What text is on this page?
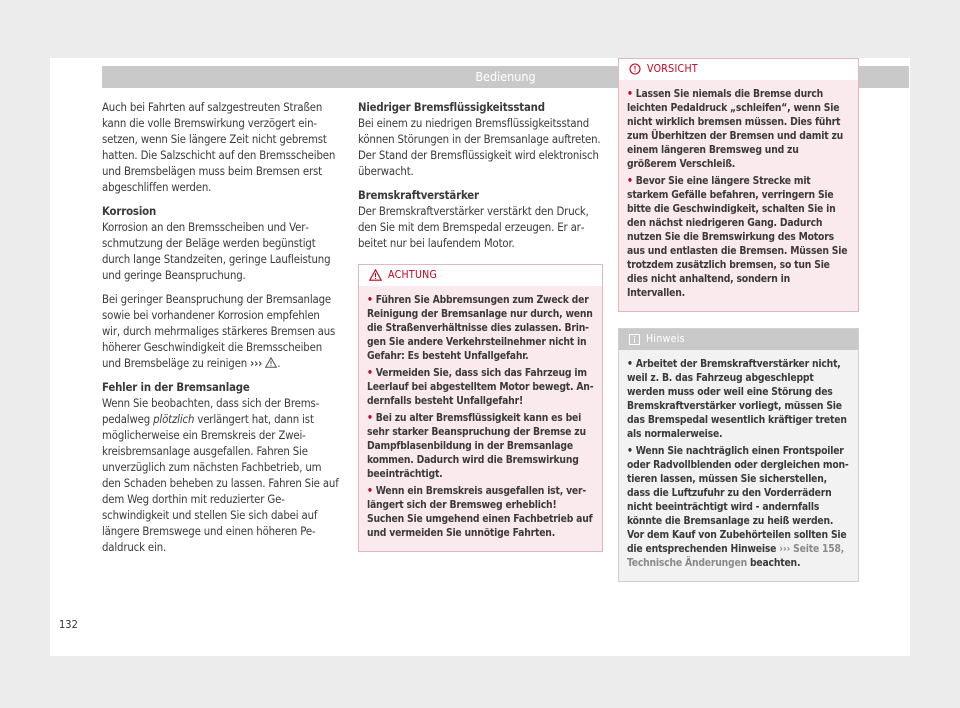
Bedienung

Auch bei Fahrten auf salzgestreuten Straßen kann die volle Bremswirkung verzögert einsetzen, wenn Sie längere Zeit nicht gebremst hatten. Die Salzschicht auf den Bremsscheiben und Bremsbelägen muss beim Bremsen erst abgeschliffen werden.

Korrosion

Korrosion an den Bremsscheiben und Verschmutzung der Beläge werden begünstigt durch lange Standzeiten, geringe Laufleistung und geringe Beanspruchung.

Bei geringer Beanspruchung der Bremsanlage sowie bei vorhandener Korrosion empfehlen wir, durch mehrmaliges stärkeres Bremsen aus höherer Geschwindigkeit die Bremsscheiben und Bremsbeläge zu reinigen ››› .

Fehler in der Bremsanlage

Wenn Sie beobachten, dass sich der Bremspedalweg plötzlich verlängert hat, dann ist möglicherweise ein Bremskreis der Zweikreisbremsanlage ausgefallen. Fahren Sie unverzüglich zum nächsten Fachbetrieb, um den Schaden beheben zu lassen. Fahren Sie auf dem Weg dorthin mit reduzierter Geschwindigkeit und stellen Sie sich dabei auf längere Bremswege und einen höheren Pedaldruck ein.

Niedriger Bremsflüssigkeitsstand

Bei einem zu niedrigen Bremsflüssigkeitsstand können Störungen in der Bremsanlage auftreten. Der Stand der Bremsflüssigkeit wird elektronisch überwacht.

Bremskraftverstärker

Der Bremskraftverstärker verstärkt den Druck, den Sie mit dem Bremspedal erzeugen. Er arbeitet nur bei laufendem Motor.

ACHTUNG
• Führen Sie Abbremsungen zum Zweck der Reinigung der Bremsanlage nur durch, wenn die Straßenverhältnisse dies zulassen. Bringen Sie andere Verkehrsteilnehmer nicht in Gefahr: Es besteht Unfallgefahr.
• Vermeiden Sie, dass sich das Fahrzeug im Leerlauf bei abgestelltem Motor bewegt. Andernfalls besteht Unfallgefahr!
• Bei zu alter Bremsflüssigkeit kann es bei sehr starker Beanspruchung der Bremse zu Dampfblasenbildung in der Bremsanlage kommen. Dadurch wird die Bremswirkung beeinträchtigt.
• Wenn ein Bremskreis ausgefallen ist, verlängert sich der Bremsweg erheblich! Suchen Sie umgehend einen Fachbetrieb auf und vermeiden Sie unnötige Fahrten.
VORSICHT
• Lassen Sie niemals die Bremse durch leichten Pedaldruck „schleifen“, wenn Sie nicht wirklich bremsen müssen. Dies führt zum Überhitzen der Bremsen und damit zu einem längeren Bremsweg und zu größerem Verschleiß.
• Bevor Sie eine längere Strecke mit starkem Gefälle befahren, verringern Sie bitte die Geschwindigkeit, schalten Sie in den nächst niedrigeren Gang. Dadurch nutzen Sie die Bremswirkung des Motors aus und entlasten die Bremsen. Müssen Sie trotzdem zusätzlich bremsen, so tun Sie dies nicht anhaltend, sondern in Intervallen.
Hinweis
• Arbeitet der Bremskraftverstärker nicht, weil z. B. das Fahrzeug abgeschleppt werden muss oder weil eine Störung des Bremskraftverstärker vorliegt, müssen Sie das Bremspedal wesentlich kräftiger treten als normalerweise.
• Wenn Sie nachträglich einen Frontspoiler oder Radvollblenden oder dergleichen montieren lassen, müssen Sie sicherstellen, dass die Luftzufuhr zu den Vorderrädern nicht beeinträchtigt wird - andernfalls könnte die Bremsanlage zu heiß werden. Vor dem Kauf von Zubehörteilen sollten Sie die entsprechenden Hinweise ››› Seite 158, Technische Änderungen beachten.
132
